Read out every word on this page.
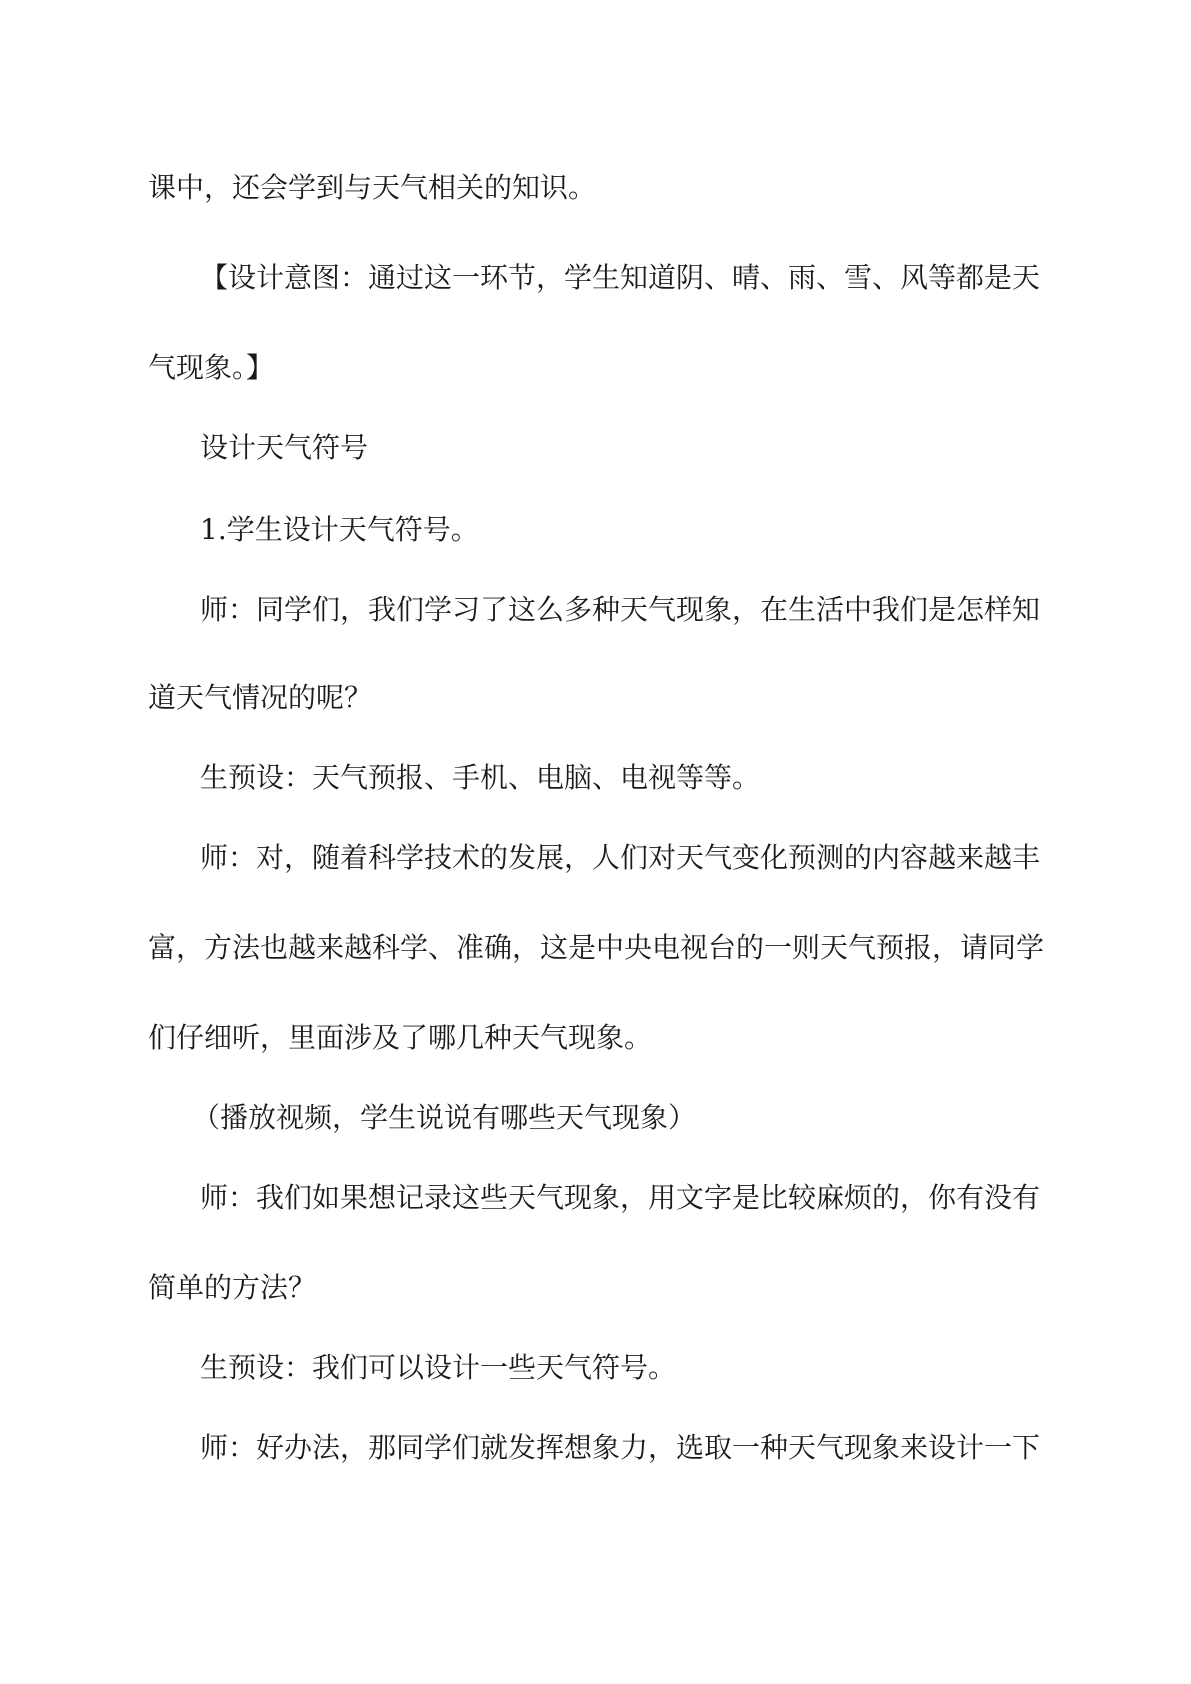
课中，还会学到与天气相关的知识。

【设计意图：通过这一环节，学生知道阴、晴、雨、雪、风等都是天

气现象。】

设计天气符号

1.学生设计天气符号。

师：同学们，我们学习了这么多种天气现象，在生活中我们是怎样知

道天气情况的呢？

生预设：天气预报、手机、电脑、电视等等。

师：对，随着科学技术的发展，人们对天气变化预测的内容越来越丰

富，方法也越来越科学、准确，这是中央电视台的一则天气预报，请同学

们仔细听，里面涉及了哪几种天气现象。

（播放视频，学生说说有哪些天气现象）

师：我们如果想记录这些天气现象，用文字是比较麻烦的，你有没有

简单的方法？

生预设：我们可以设计一些天气符号。

师：好办法，那同学们就发挥想象力，选取一种天气现象来设计一下
